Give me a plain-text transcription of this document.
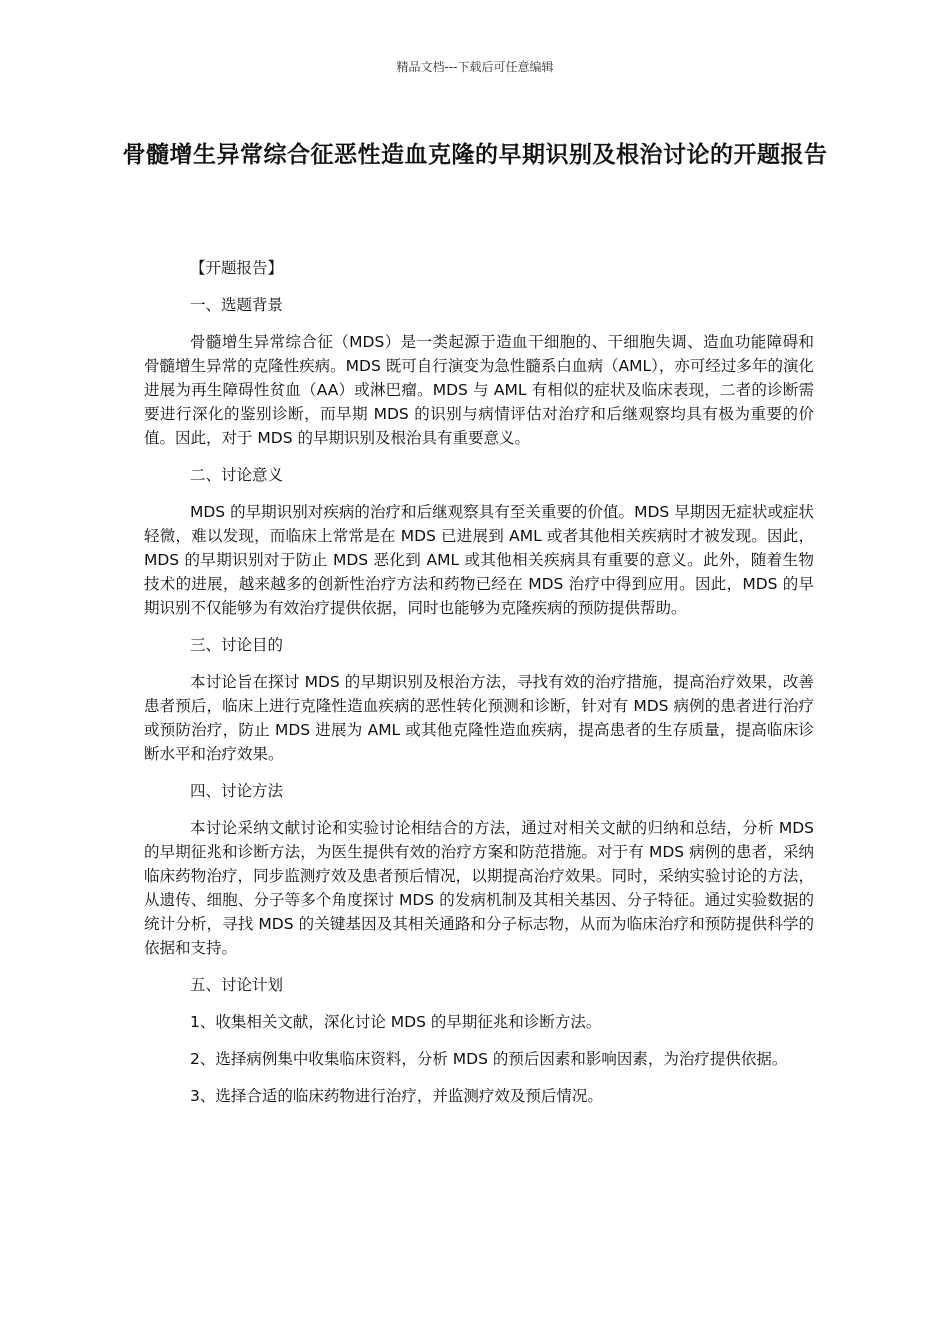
精品文档---下载后可任意编辑
骨髓增生异常综合征恶性造血克隆的早期识别及根治讨论的开题报告

【开题报告】

一、选题背景

骨髓增生异常综合征（MDS）是一类起源于造血干细胞的、干细胞失调、造血功能障碍和骨髓增生异常的克隆性疾病。MDS 既可自行演变为急性髓系白血病（AML），亦可经过多年的演化进展为再生障碍性贫血（AA）或淋巴瘤。MDS 与 AML 有相似的症状及临床表现，二者的诊断需要进行深化的鉴别诊断，而早期 MDS 的识别与病情评估对治疗和后继观察均具有极为重要的价值。因此，对于 MDS 的早期识别及根治具有重要意义。

二、讨论意义

MDS 的早期识别对疾病的治疗和后继观察具有至关重要的价值。MDS 早期因无症状或症状轻微，难以发现，而临床上常常是在 MDS 已进展到 AML 或者其他相关疾病时才被发现。因此，MDS 的早期识别对于防止 MDS 恶化到 AML 或其他相关疾病具有重要的意义。此外，随着生物技术的进展，越来越多的创新性治疗方法和药物已经在 MDS 治疗中得到应用。因此，MDS 的早期识别不仅能够为有效治疗提供依据，同时也能够为克隆疾病的预防提供帮助。

三、讨论目的

本讨论旨在探讨 MDS 的早期识别及根治方法，寻找有效的治疗措施，提高治疗效果，改善患者预后，临床上进行克隆性造血疾病的恶性转化预测和诊断，针对有 MDS 病例的患者进行治疗或预防治疗，防止 MDS 进展为 AML 或其他克隆性造血疾病，提高患者的生存质量，提高临床诊断水平和治疗效果。

四、讨论方法

本讨论采纳文献讨论和实验讨论相结合的方法，通过对相关文献的归纳和总结，分析 MDS 的早期征兆和诊断方法，为医生提供有效的治疗方案和防范措施。对于有 MDS 病例的患者，采纳临床药物治疗，同步监测疗效及患者预后情况，以期提高治疗效果。同时，采纳实验讨论的方法，从遗传、细胞、分子等多个角度探讨 MDS 的发病机制及其相关基因、分子特征。通过实验数据的统计分析，寻找 MDS 的关键基因及其相关通路和分子标志物，从而为临床治疗和预防提供科学的依据和支持。

五、讨论计划

1、收集相关文献，深化讨论 MDS 的早期征兆和诊断方法。

2、选择病例集中收集临床资料，分析 MDS 的预后因素和影响因素，为治疗提供依据。

3、选择合适的临床药物进行治疗，并监测疗效及预后情况。
